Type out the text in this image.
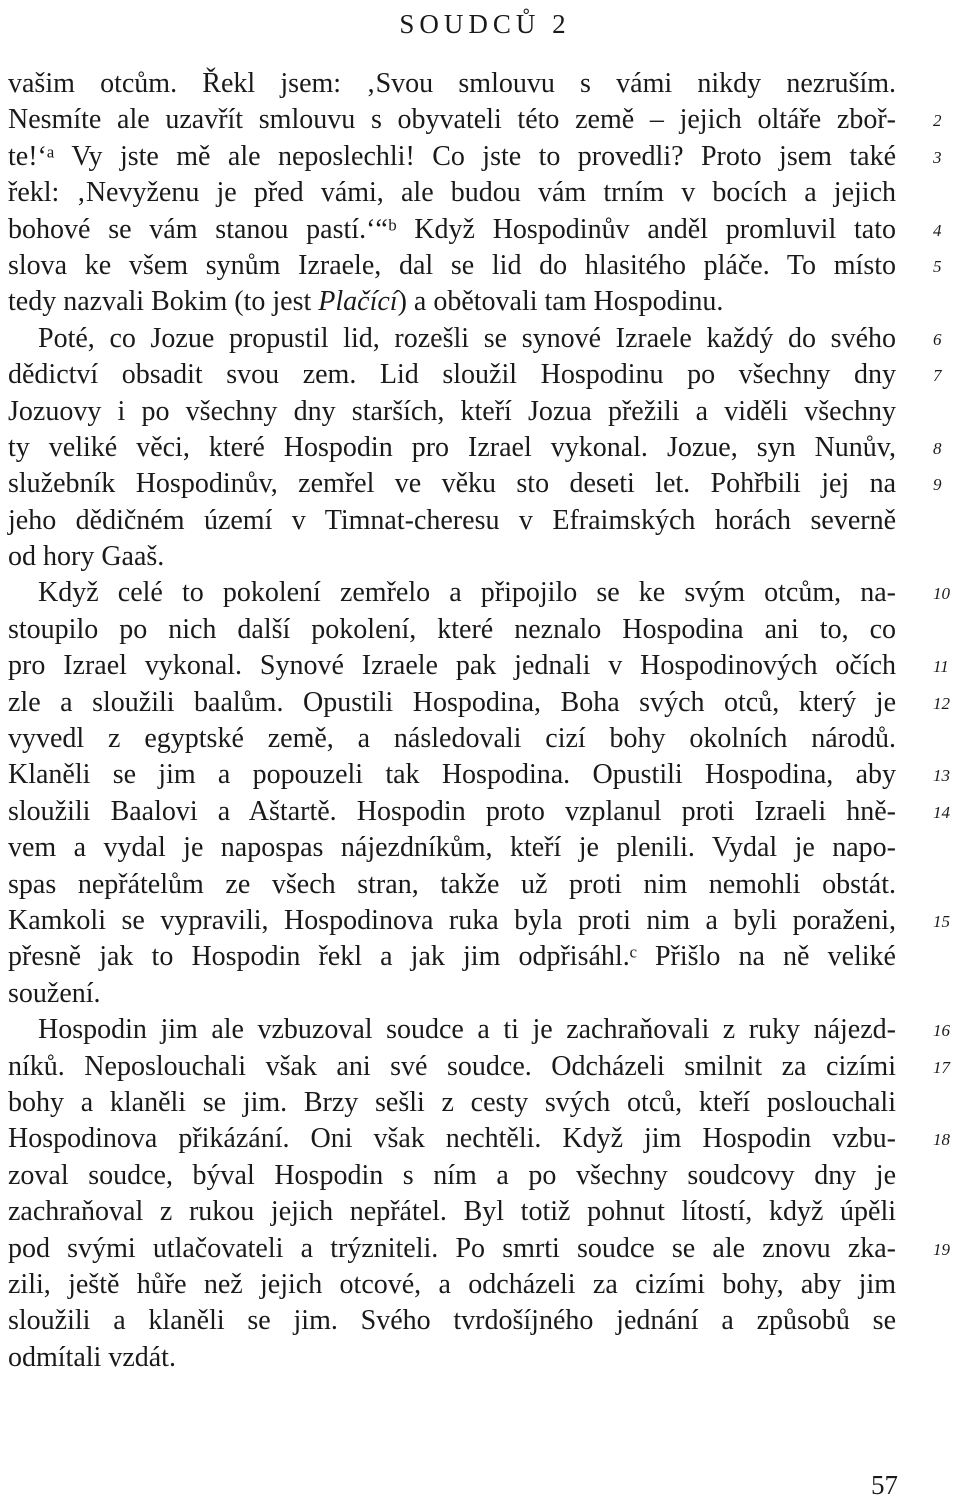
SOUDCŮ 2
vašim otcům. Řekl jsem: ‚Svou smlouvu s vámi nikdy nezruším.
Nesmíte ale uzavřít smlouvu s obyvateli této země – jejich oltáře zboř- 2
te!‘ᵃ Vy jste mě ale neposlechli! Co jste to provedli? Proto jsem také 3
řekl: ‚Nevyženu je před vámi, ale budou vám trním v bocích a jejich
bohové se vám stanou pastí.‘“ᵇ Když Hospodinův anděl promluvil tato 4
slova ke všem synům Izraele, dal se lid do hlasitého pláče. To místo 5
tedy nazvali Bokim (to jest Plačící) a obětovali tam Hospodinu.
Poté, co Jozue propustil lid, rozešli se synové Izraele každý do svého 6
dědictví obsadit svou zem. Lid sloužil Hospodinu po všechny dny 7
Jozuovy i po všechny dny starších, kteří Jozua přežili a viděli všechny
ty veliké věci, které Hospodin pro Izrael vykonal. Jozue, syn Nunův, 8
služebník Hospodinův, zemřel ve věku sto deseti let. Pohřbili jej na 9
jeho dědičném území v Timnat-cheresu v Efraimských horách severně
od hory Gaaš.
Když celé to pokolení zemřelo a připojilo se ke svým otcům, na- 10
stoupilo po nich další pokolení, které neznalo Hospodina ani to, co
pro Izrael vykonal. Synové Izraele pak jednali v Hospodinových očích 11
zle a sloužili baalům. Opustili Hospodina, Boha svých otců, který je 12
vyvedl z egyptské země, a následovali cizí bohy okolních národů.
Klaněli se jim a popouzeli tak Hospodina. Opustili Hospodina, aby 13
sloužili Baalovi a Aštartě. Hospodin proto vzplanul proti Izraeli hně- 14
vem a vydal je napospas nájezdníkům, kteří je plenili. Vydal je napo-
spas nepřátelům ze všech stran, takže už proti nim nemohli obstát.
Kamkoli se vypravili, Hospodinova ruka byla proti nim a byli poraženi, 15
přesně jak to Hospodin řekl a jak jim odpřisáhl.ᶜ Přišlo na ně veliké
soužení.
Hospodin jim ale vzbuzoval soudce a ti je zachraňovali z ruky nájezd- 16
níků. Neposlouchali však ani své soudce. Odcházeli smilnit za cizími 17
bohy a klaněli se jim. Brzy sešli z cesty svých otců, kteří poslouchali
Hospodinova přikázání. Oni však nechtěli. Když jim Hospodin vzbu- 18
zoval soudce, býval Hospodin s ním a po všechny soudcovy dny je
zachraňoval z rukou jejich nepřátel. Byl totiž pohnut lítostí, když úpěli
pod svými utlačovateli a trýzniteli. Po smrti soudce se ale znovu zka- 19
zili, ještě hůře než jejich otcové, a odcházeli za cizími bohy, aby jim
sloužili a klaněli se jim. Svého tvrdošíjného jednání a způsobů se
odmítali vzdát.
57
